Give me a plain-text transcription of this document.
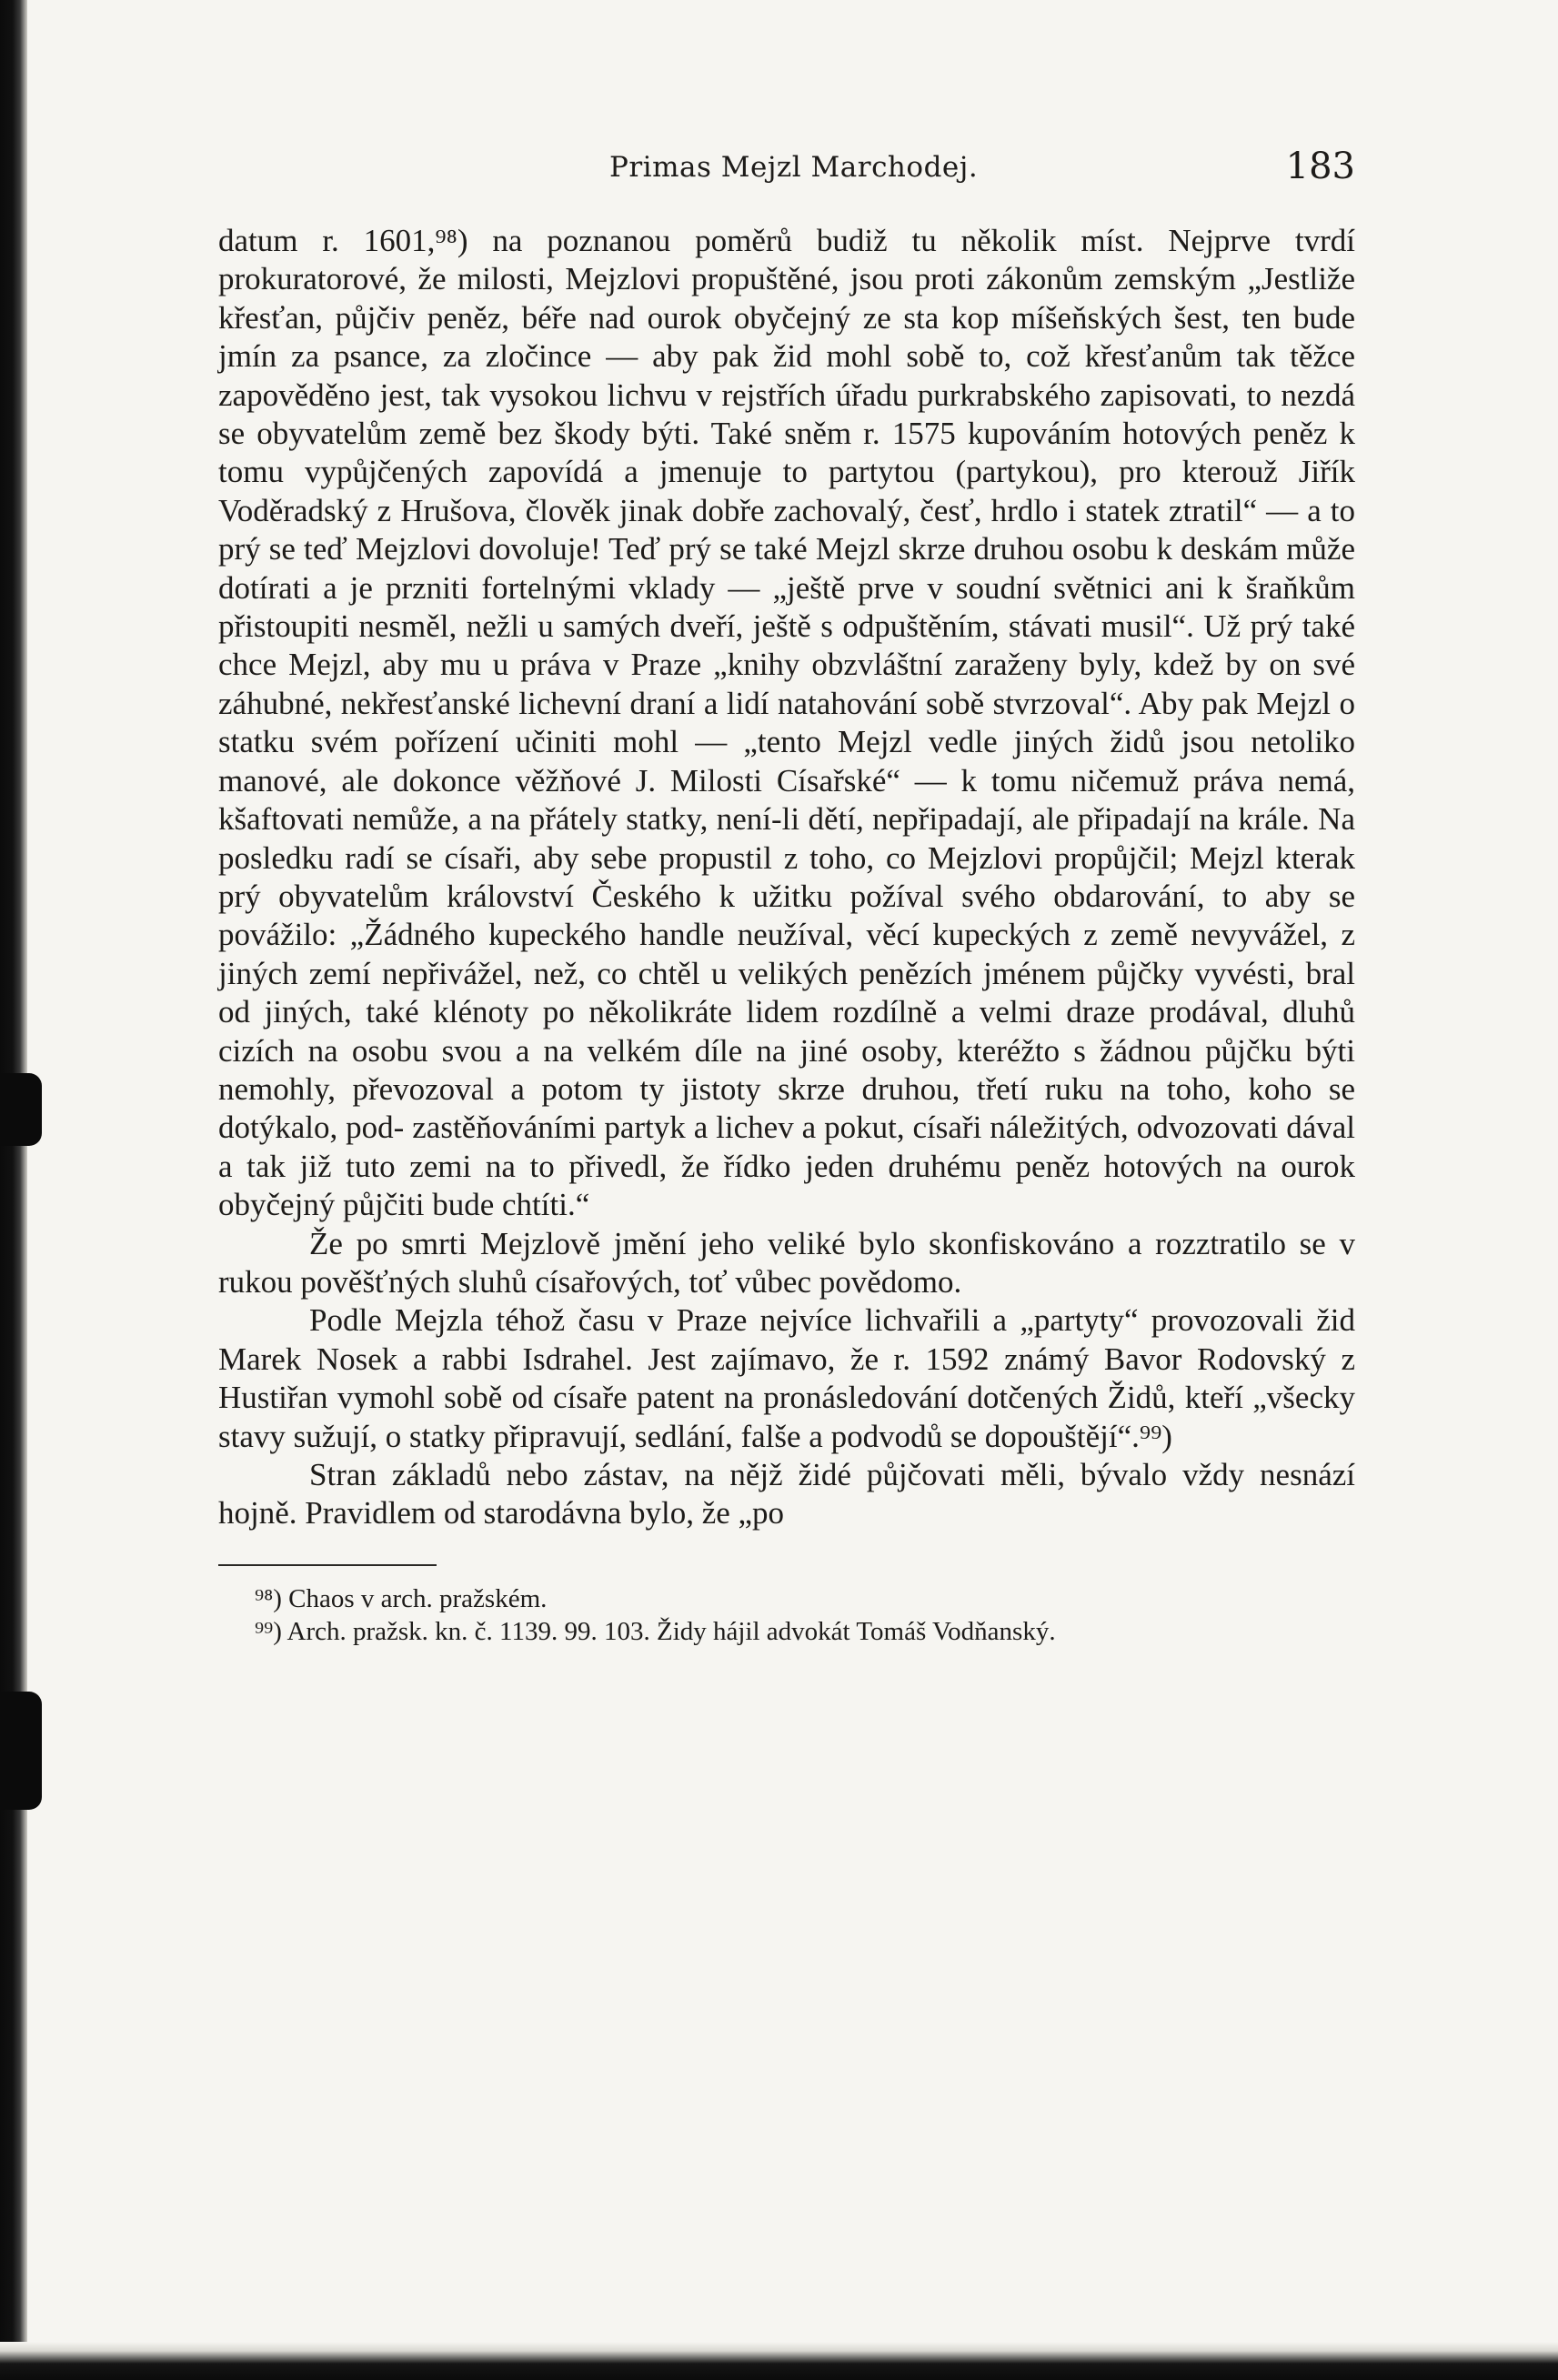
Primas Mejzl Marchodej.	183

datum r. 1601,⁹⁸) na poznanou poměrů budiž tu několik míst. Nejprve tvrdí prokuratorové, že milosti, Mejzlovi propuštěné, jsou proti zákonům zemským „Jestliže křesťan, půjčiv peněz, béře nad ourok obyčejný ze sta kop míšeňských šest, ten bude jmín za psance, za zločince — aby pak žid mohl sobě to, což křesťanům tak těžce zapověděno jest, tak vysokou lichvu v rejstřích úřadu purkrabského zapisovati, to nezdá se obyvatelům země bez škody býti. Také sněm r. 1575 kupováním hotových peněz k tomu vypůjčených zapovídá a jmenuje to partytou (partykou), pro kterouž Jiřík Voděradský z Hrušova, člověk jinak dobře zachovalý, česť, hrdlo i statek ztratil“ — a to prý se teď Mejzlovi dovoluje! Teď prý se také Mejzl skrze druhou osobu k deskám může dotírati a je przniti fortelnými vklady — „ještě prve v soudní světnici ani k šraňkům přistoupiti nesměl, nežli u samých dveří, ještě s odpuštěním, stávati musil“. Už prý také chce Mejzl, aby mu u práva v Praze „knihy obzvláštní zaraženy byly, kdež by on své záhubné, nekřesťanské lichevní draní a lidí natahování sobě stvrzoval“. Aby pak Mejzl o statku svém pořízení učiniti mohl — „tento Mejzl vedle jiných židů jsou netoliko manové, ale dokonce věžňové J. Milosti Císařské“ — k tomu ničemuž práva nemá, kšaftovati nemůže, a na přátely statky, není-li dětí, nepřipadají, ale připadají na krále. Na posledku radí se císaři, aby sebe propustil z toho, co Mejzlovi propůjčil; Mejzl kterak prý obyvatelům království Českého k užitku požíval svého obdarování, to aby se povážilo: „Žádného kupeckého handle neužíval, věcí kupeckých z země nevyvážel, z jiných zemí nepřivážel, než, co chtěl u velikých penězích jménem půjčky vyvésti, bral od jiných, také klénoty po několikráte lidem rozdílně a velmi draze prodával, dluhů cizích na osobu svou a na velkém díle na jiné osoby, kteréžto s žádnou půjčku býti nemohly, převozoval a potom ty jistoty skrze druhou, třetí ruku na toho, koho se dotýkalo, pod- zastěňováními partyk a lichev a pokut, císaři náležitých, odvozovati dával a tak již tuto zemi na to přivedl, že řídko jeden druhému peněz hotových na ourok obyčejný půjčiti bude chtíti.“

Že po smrti Mejzlově jmění jeho veliké bylo skonfiskováno a rozztratilo se v rukou pověšťných sluhů císařových, toť vůbec povědomo.

Podle Mejzla téhož času v Praze nejvíce lichvařili a „partyty“ provozovali žid Marek Nosek a rabbi Isdrahel. Jest zajímavo, že r. 1592 známý Bavor Rodovský z Hustiřan vymohl sobě od císaře patent na pronásledování dotčených Židů, kteří „všecky stavy sužují, o statky připravují, sedlání, falše a podvodů se dopouštějí“.⁹⁹)

Stran základů nebo zástav, na nějž židé půjčovati měli, bývalo vždy nesnází hojně. Pravidlem od starodávna bylo, že „po

⁹⁸) Chaos v arch. pražském.

⁹⁹) Arch. pražsk. kn. č. 1139. 99. 103. Židy hájil advokát Tomáš Vodňanský.
